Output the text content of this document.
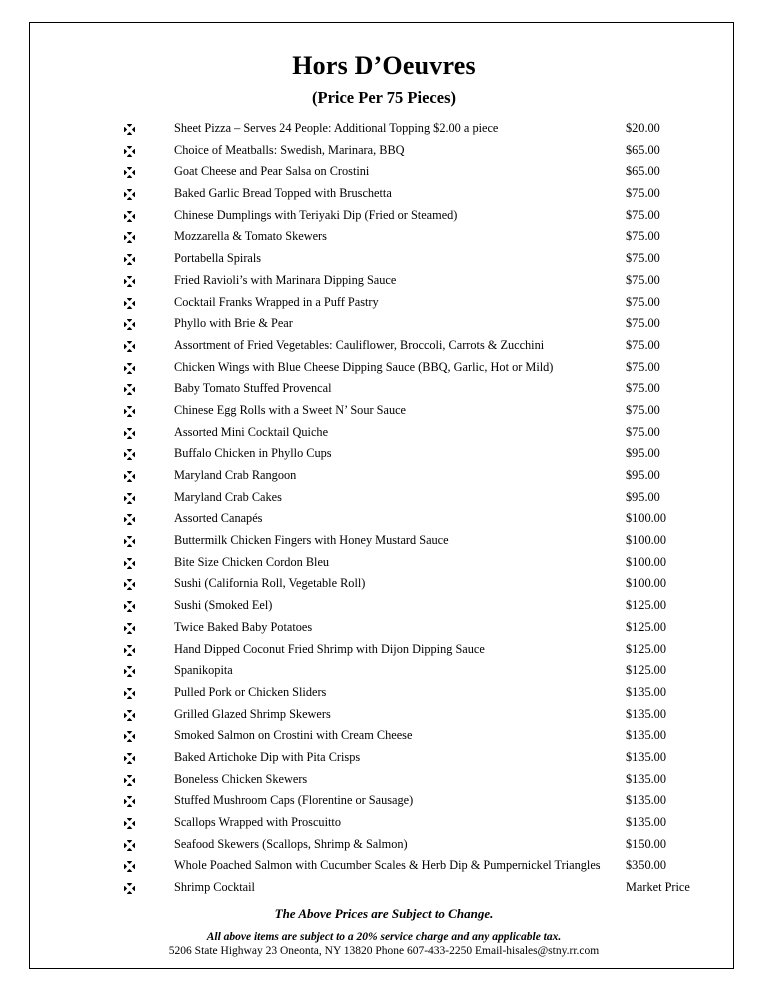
Hors D’Oeuvres
(Price Per 75 Pieces)
Sheet Pizza – Serves 24 People: Additional Topping $2.00 a piece	$20.00
Choice of Meatballs: Swedish, Marinara, BBQ	$65.00
Goat Cheese and Pear Salsa on Crostini	$65.00
Baked Garlic Bread Topped with Bruschetta	$75.00
Chinese Dumplings with Teriyaki Dip (Fried or Steamed)	$75.00
Mozzarella & Tomato Skewers	$75.00
Portabella Spirals	$75.00
Fried Ravioli’s with Marinara Dipping Sauce	$75.00
Cocktail Franks Wrapped in a Puff Pastry	$75.00
Phyllo with Brie & Pear	$75.00
Assortment of Fried Vegetables: Cauliflower, Broccoli, Carrots & Zucchini	$75.00
Chicken Wings with Blue Cheese Dipping Sauce (BBQ, Garlic, Hot or Mild)	$75.00
Baby Tomato Stuffed Provencal	$75.00
Chinese Egg Rolls with a Sweet N’ Sour Sauce	$75.00
Assorted Mini Cocktail Quiche	$75.00
Buffalo Chicken in Phyllo Cups	$95.00
Maryland Crab Rangoon	$95.00
Maryland Crab Cakes	$95.00
Assorted Canapés	$100.00
Buttermilk Chicken Fingers with Honey Mustard Sauce	$100.00
Bite Size Chicken Cordon Bleu	$100.00
Sushi (California Roll, Vegetable Roll)	$100.00
Sushi (Smoked Eel)	$125.00
Twice Baked Baby Potatoes	$125.00
Hand Dipped Coconut Fried Shrimp with Dijon Dipping Sauce	$125.00
Spanikopita	$125.00
Pulled Pork or Chicken Sliders	$135.00
Grilled Glazed Shrimp Skewers	$135.00
Smoked Salmon on Crostini with Cream Cheese	$135.00
Baked Artichoke Dip with Pita Crisps	$135.00
Boneless Chicken Skewers	$135.00
Stuffed Mushroom Caps (Florentine or Sausage)	$135.00
Scallops Wrapped with Proscuitto	$135.00
Seafood Skewers (Scallops, Shrimp & Salmon)	$150.00
Whole Poached Salmon with Cucumber Scales & Herb Dip & Pumpernickel Triangles $350.00
Shrimp Cocktail	Market Price
The Above Prices are Subject to Change.
All above items are subject to a 20% service charge and any applicable tax.
5206 State Highway 23 Oneonta, NY 13820 Phone 607-433-2250 Email-hisales@stny.rr.com
